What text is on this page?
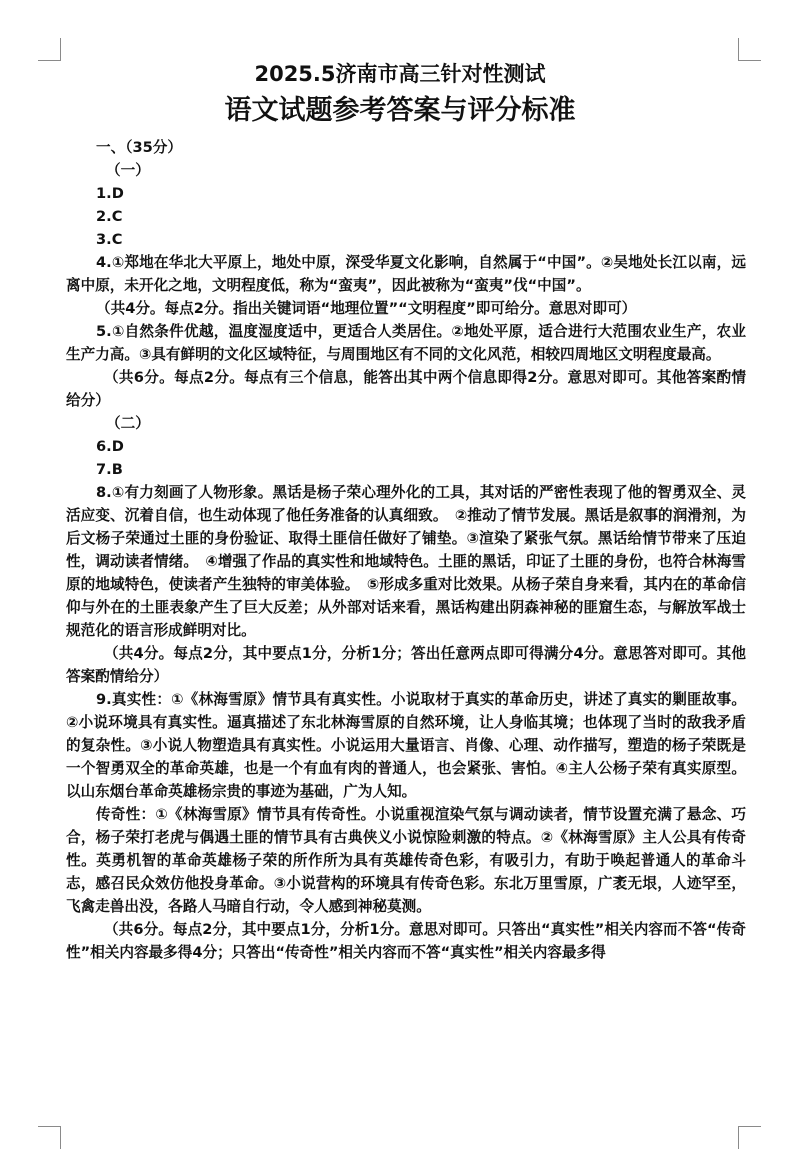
2025.5济南市高三针对性测试
语文试题参考答案与评分标准

一、（35分）

（一）

1.D

2.C

3.C

4.①郑地在华北大平原上，地处中原，深受华夏文化影响，自然属于“中国”。②吴地处长江以南，远离中原，未开化之地，文明程度低，称为“蛮夷”，因此被称为“蛮夷”伐“中国”。

（共4分。每点2分。指出关键词语“地理位置”“文明程度”即可给分。意思对即可）

5.①自然条件优越，温度湿度适中，更适合人类居住。②地处平原，适合进行大范围农业生产，农业生产力高。③具有鲜明的文化区域特征，与周围地区有不同的文化风范，相较四周地区文明程度最高。

（共6分。每点2分。每点有三个信息，能答出其中两个信息即得2分。意思对即可。其他答案酌情给分）

（二）

6.D

7.B

8.①有力刻画了人物形象。黑话是杨子荣心理外化的工具，其对话的严密性表现了他的智勇双全、灵活应变、沉着自信，也生动体现了他任务准备的认真细致。　②推动了情节发展。黑话是叙事的润滑剂，为后文杨子荣通过土匪的身份验证、取得土匪信任做好了铺垫。③渲染了紧张气氛。黑话给情节带来了压迫性，调动读者情绪。　④增强了作品的真实性和地域特色。土匪的黑话，印证了土匪的身份，也符合林海雪原的地域特色，使读者产生独特的审美体验。　⑤形成多重对比效果。从杨子荣自身来看，其内在的革命信仰与外在的土匪表象产生了巨大反差；从外部对话来看，黑话构建出阴森神秘的匪窟生态，与解放军战士规范化的语言形成鲜明对比。

（共4分。每点2分，其中要点1分，分析1分；答出任意两点即可得满分4分。意思答对即可。其他答案酌情给分）

9.真实性：①《林海雪原》情节具有真实性。小说取材于真实的革命历史，讲述了真实的剿匪故事。②小说环境具有真实性。逼真描述了东北林海雪原的自然环境，让人身临其境；也体现了当时的敌我矛盾的复杂性。③小说人物塑造具有真实性。小说运用大量语言、肖像、心理、动作描写，塑造的杨子荣既是一个智勇双全的革命英雄，也是一个有血有肉的普通人，也会紧张、害怕。④主人公杨子荣有真实原型。以山东烟台革命英雄杨宗贵的事迹为基础，广为人知。

传奇性：①《林海雪原》情节具有传奇性。小说重视渲染气氛与调动读者，情节设置充满了悬念、巧合，杨子荣打老虎与偶遇土匪的情节具有古典侠义小说惊险刺激的特点。②《林海雪原》主人公具有传奇性。英勇机智的革命英雄杨子荣的所作所为具有英雄传奇色彩，有吸引力，有助于唤起普通人的革命斗志，感召民众效仿他投身革命。③小说营构的环境具有传奇色彩。东北万里雪原，广袤无垠，人迹罕至，飞禽走兽出没，各路人马暗自行动，令人感到神秘莫测。

（共6分。每点2分，其中要点1分，分析1分。意思对即可。只答出“真实性”相关内容而不答“传奇性”相关内容最多得4分；只答出“传奇性”相关内容而不答“真实性”相关内容最多得
